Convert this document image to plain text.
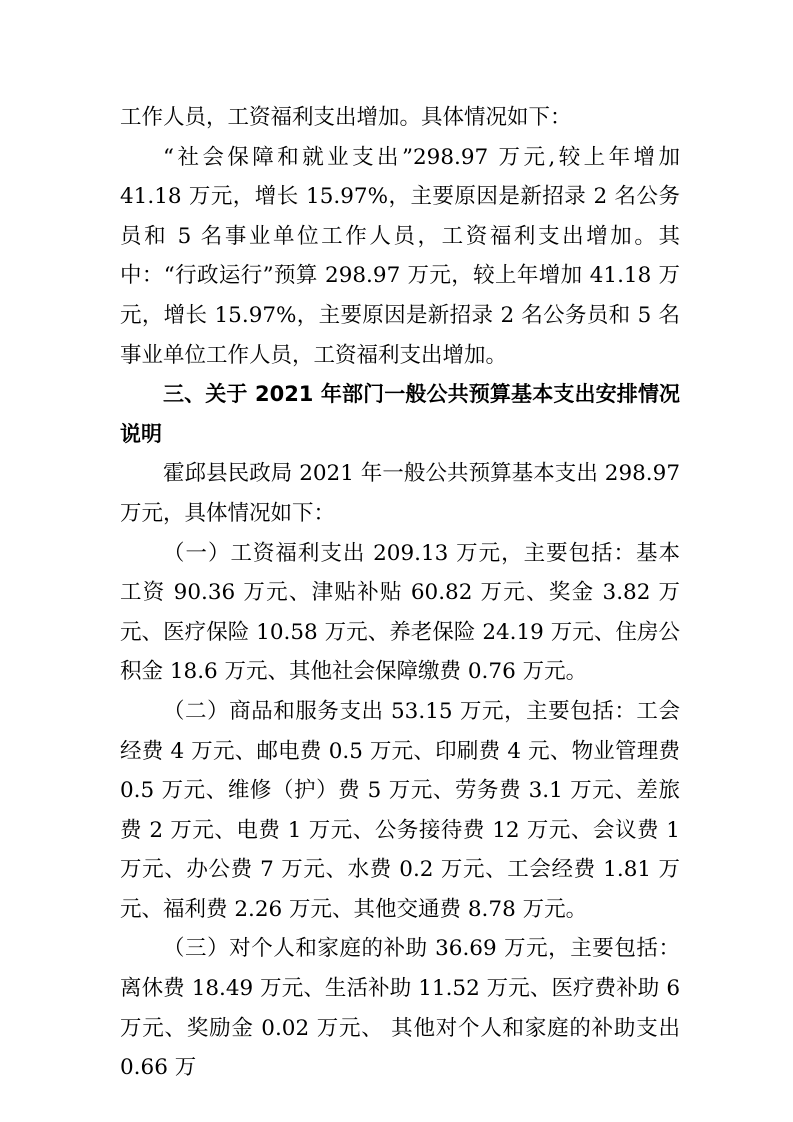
工作人员，工资福利支出增加。具体情况如下：

“社会保障和就业支出”298.97 万元,较上年增加 41.18 万元，增长 15.97%，主要原因是新招录 2 名公务员和 5 名事业单位工作人员，工资福利支出增加。其中：“行政运行”预算 298.97 万元，较上年增加 41.18 万元，增长 15.97%，主要原因是新招录 2 名公务员和 5 名事业单位工作人员，工资福利支出增加。

三、关于 2021 年部门一般公共预算基本支出安排情况说明

霍邱县民政局 2021 年一般公共预算基本支出 298.97 万元，具体情况如下：

（一）工资福利支出 209.13 万元，主要包括：基本工资 90.36 万元、津贴补贴 60.82 万元、奖金 3.82 万元、医疗保险 10.58 万元、养老保险 24.19 万元、住房公积金 18.6 万元、其他社会保障缴费 0.76 万元。

（二）商品和服务支出 53.15 万元，主要包括：工会经费 4 万元、邮电费 0.5 万元、印刷费 4 元、物业管理费 0.5 万元、维修（护）费 5 万元、劳务费 3.1 万元、差旅费 2 万元、电费 1 万元、公务接待费 12 万元、会议费 1 万元、办公费 7 万元、水费 0.2 万元、工会经费 1.81 万元、福利费 2.26 万元、其他交通费 8.78 万元。

（三）对个人和家庭的补助 36.69 万元，主要包括：离休费 18.49 万元、生活补助 11.52 万元、医疗费补助 6 万元、奖励金 0.02 万元、 其他对个人和家庭的补助支出 0.66 万
